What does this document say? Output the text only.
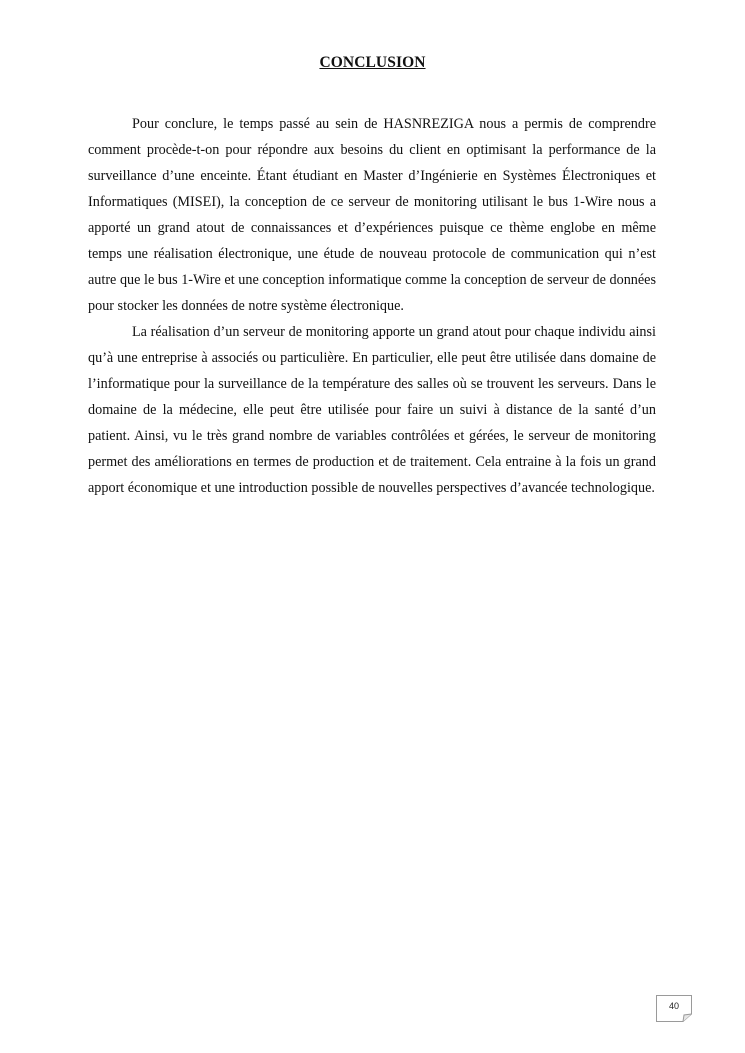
CONCLUSION

Pour conclure, le temps passé au sein de HASNREZIGA nous a permis de comprendre comment procède-t-on pour répondre aux besoins du client en optimisant la performance de la surveillance d’une enceinte. Étant étudiant en Master d’Ingénierie en Systèmes Électroniques et Informatiques (MISEI), la conception de ce serveur de monitoring utilisant le bus 1-Wire nous a apporté un grand atout de connaissances et d’expériences puisque ce thème englobe en même temps une réalisation électronique, une étude de nouveau protocole de communication qui n’est autre que le bus 1-Wire et une conception informatique comme la conception de serveur de données pour stocker les données de notre système électronique.

La réalisation d’un serveur de monitoring apporte un grand atout pour chaque individu ainsi qu’à une entreprise à associés ou particulière. En particulier, elle peut être utilisée dans domaine de l’informatique pour la surveillance de la température des salles où se trouvent les serveurs. Dans le domaine de la médecine, elle peut être utilisée pour faire un suivi à distance de la santé d’un patient. Ainsi, vu le très grand nombre de variables contrôlées et gérées, le serveur de monitoring permet des améliorations en termes de production et de traitement. Cela entraine à la fois un grand apport économique et une introduction possible de nouvelles perspectives d’avancée technologique.

40
